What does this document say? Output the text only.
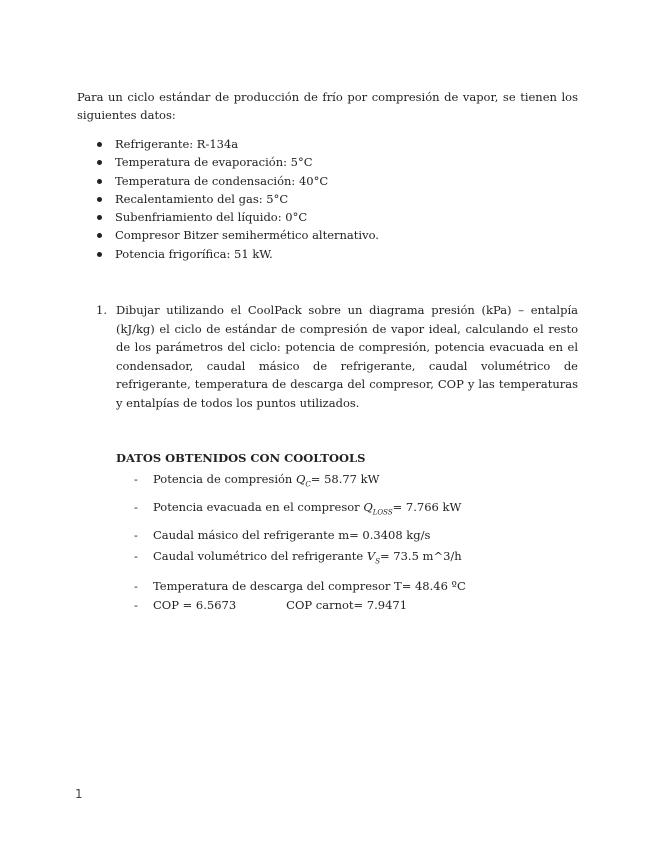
Para un ciclo estándar de producción de frío por compresión de vapor, se tienen los siguientes datos:

Refrigerante: R-134a
Temperatura de evaporación: 5°C
Temperatura de condensación: 40°C
Recalentamiento del gas: 5°C
Subenfriamiento del líquido: 0°C
Compresor Bitzer semihermético alternativo.
Potencia frigorífica: 51 kW.
1. Dibujar utilizando el CoolPack sobre un diagrama presión (kPa) – entalpía (kJ/kg) el ciclo de estándar de compresión de vapor ideal, calculando el resto de los parámetros del ciclo: potencia de compresión, potencia evacuada en el condensador, caudal másico de refrigerante, caudal volumétrico de refrigerante, temperatura de descarga del compresor, COP y las temperaturas y entalpías de todos los puntos utilizados.

DATOS OBTENIDOS CON COOLTOOLS
- Potencia de compresión $Q_C= 58.77$ kW
- Potencia evacuada en el compresor $Q_{LOSS}= 7.766$ kW
- Caudal másico del refrigerante m= 0.3408 kg/s
- Caudal volumétrico del refrigerante $V_S= 73.5$ m^3/h
- Temperatura de descarga del compresor T= 48.46 ºC
- COP = 6.5673	COP carnot= 7.9471
1
